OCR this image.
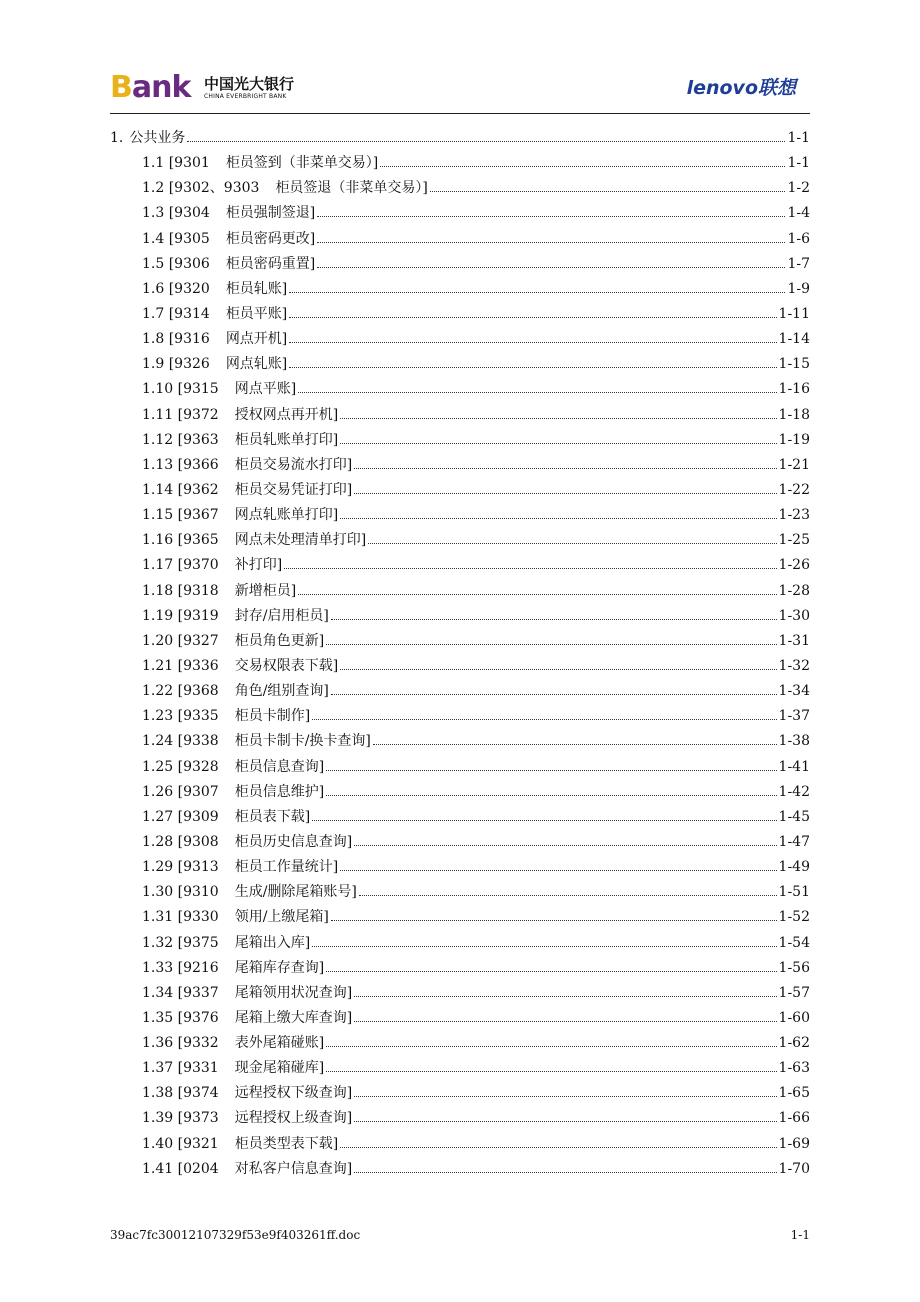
B ank 中国光大银行
CHINA EVERBRIGHT BANK	lenovo联想
1. 公共业务	1-1
1.1 [9301 柜员签到（非菜单交易）]	1-1
1.2 [9302、9303 柜员签退（非菜单交易）]	1-2
1.3 [9304 柜员强制签退]	1-4
1.4 [9305 柜员密码更改]	1-6
1.5 [9306 柜员密码重置]	1-7
1.6 [9320 柜员轧账]	1-9
1.7 [9314 柜员平账]	1-11
1.8 [9316 网点开机]	1-14
1.9 [9326 网点轧账]	1-15
1.10 [9315 网点平账]	1-16
1.11 [9372 授权网点再开机]	1-18
1.12 [9363 柜员轧账单打印]	1-19
1.13 [9366 柜员交易流水打印]	1-21
1.14 [9362 柜员交易凭证打印]	1-22
1.15 [9367 网点轧账单打印]	1-23
1.16 [9365 网点未处理清单打印]	1-25
1.17 [9370 补打印]	1-26
1.18 [9318 新增柜员]	1-28
1.19 [9319 封存/启用柜员]	1-30
1.20 [9327 柜员角色更新]	1-31
1.21 [9336 交易权限表下载]	1-32
1.22 [9368 角色/组别查询]	1-34
1.23 [9335 柜员卡制作]	1-37
1.24 [9338 柜员卡制卡/换卡查询]	1-38
1.25 [9328 柜员信息查询]	1-41
1.26 [9307 柜员信息维护]	1-42
1.27 [9309 柜员表下载]	1-45
1.28 [9308 柜员历史信息查询]	1-47
1.29 [9313 柜员工作量统计]	1-49
1.30 [9310 生成/删除尾箱账号]	1-51
1.31 [9330 领用/上缴尾箱]	1-52
1.32 [9375 尾箱出入库]	1-54
1.33 [9216 尾箱库存查询]	1-56
1.34 [9337 尾箱领用状况查询]	1-57
1.35 [9376 尾箱上缴大库查询]	1-60
1.36 [9332 表外尾箱碰账]	1-62
1.37 [9331 现金尾箱碰库]	1-63
1.38 [9374 远程授权下级查询]	1-65
1.39 [9373 远程授权上级查询]	1-66
1.40 [9321 柜员类型表下载]	1-69
1.41 [0204 对私客户信息查询]	1-70
39ac7fc30012107329f53e9f403261ff.doc	1-1
